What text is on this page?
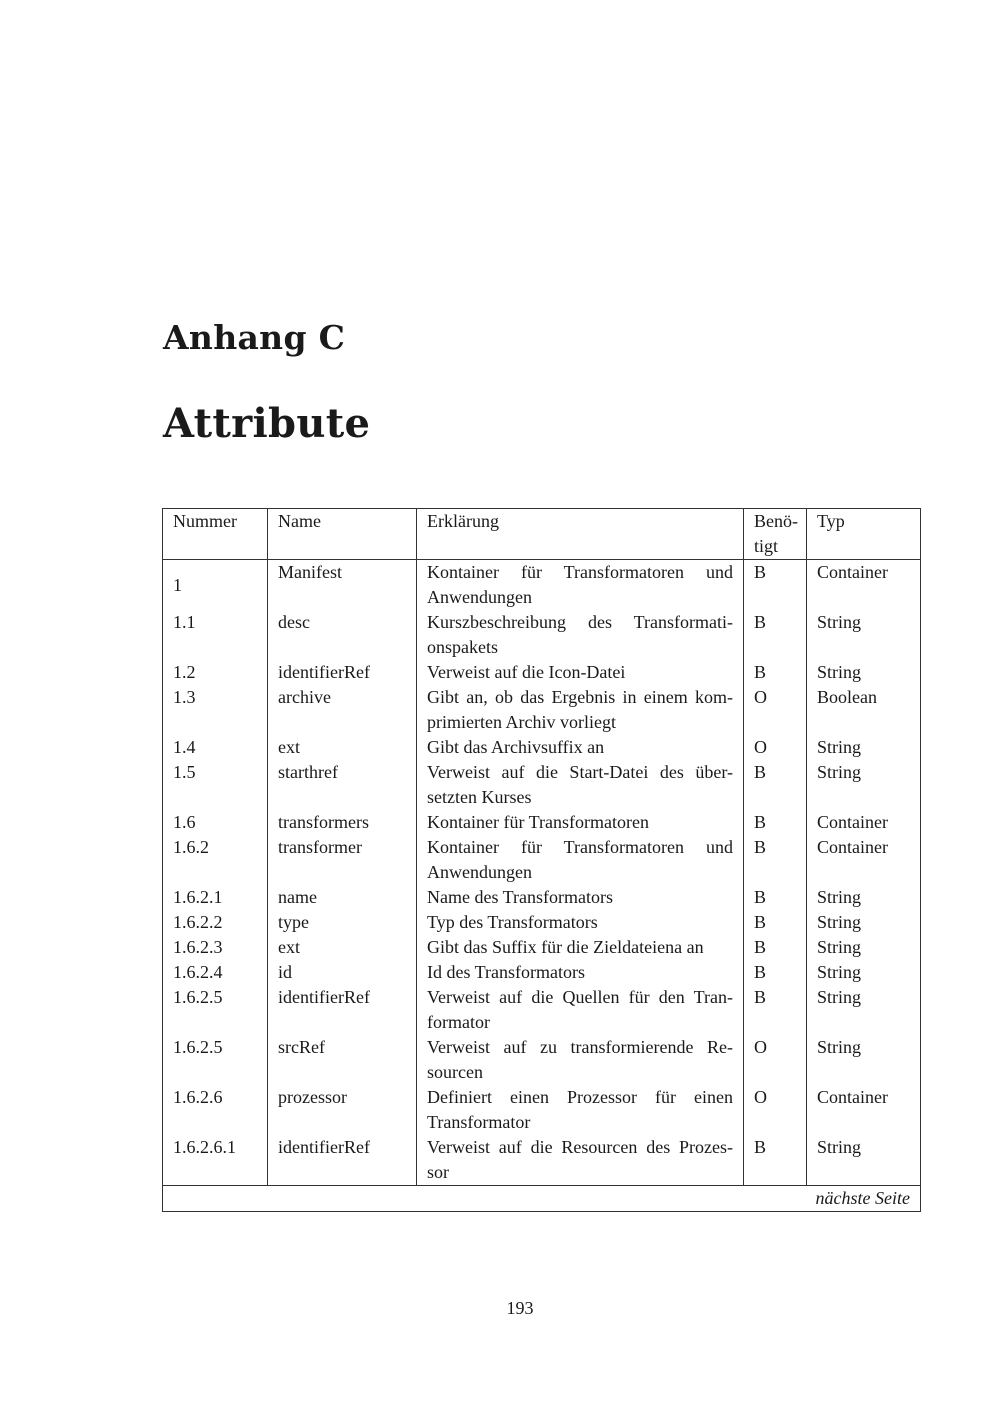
Anhang C
Attribute
Nummer	Name	Erklärung	Benö-tigt	Typ
1	Manifest	Kontainer für Transformatoren und Anwendungen	B	Container
1.1	desc	Kurszbeschreibung des Transformati-onspakets	B	String
1.2	identifierRef	Verweist auf die Icon-Datei	B	String
1.3	archive	Gibt an, ob das Ergebnis in einem kom-primierten Archiv vorliegt	O	Boolean
1.4	ext	Gibt das Archivsuffix an	O	String
1.5	starthref	Verweist auf die Start-Datei des über-setzten Kurses	B	String
1.6	transformers	Kontainer für Transformatoren	B	Container
1.6.2	transformer	Kontainer für Transformatoren und Anwendungen	B	Container
1.6.2.1	name	Name des Transformators	B	String
1.6.2.2	type	Typ des Transformators	B	String
1.6.2.3	ext	Gibt das Suffix für die Zieldateiena an	B	String
1.6.2.4	id	Id des Transformators	B	String
1.6.2.5	identifierRef	Verweist auf die Quellen für den Tran-formator	B	String
1.6.2.5	srcRef	Verweist auf zu transformierende Re-sourcen	O	String
1.6.2.6	prozessor	Definiert einen Prozessor für einen Transformator	O	Container
1.6.2.6.1	identifierRef	Verweist auf die Resourcen des Prozes-sor	B	String
nächste Seite				
193
